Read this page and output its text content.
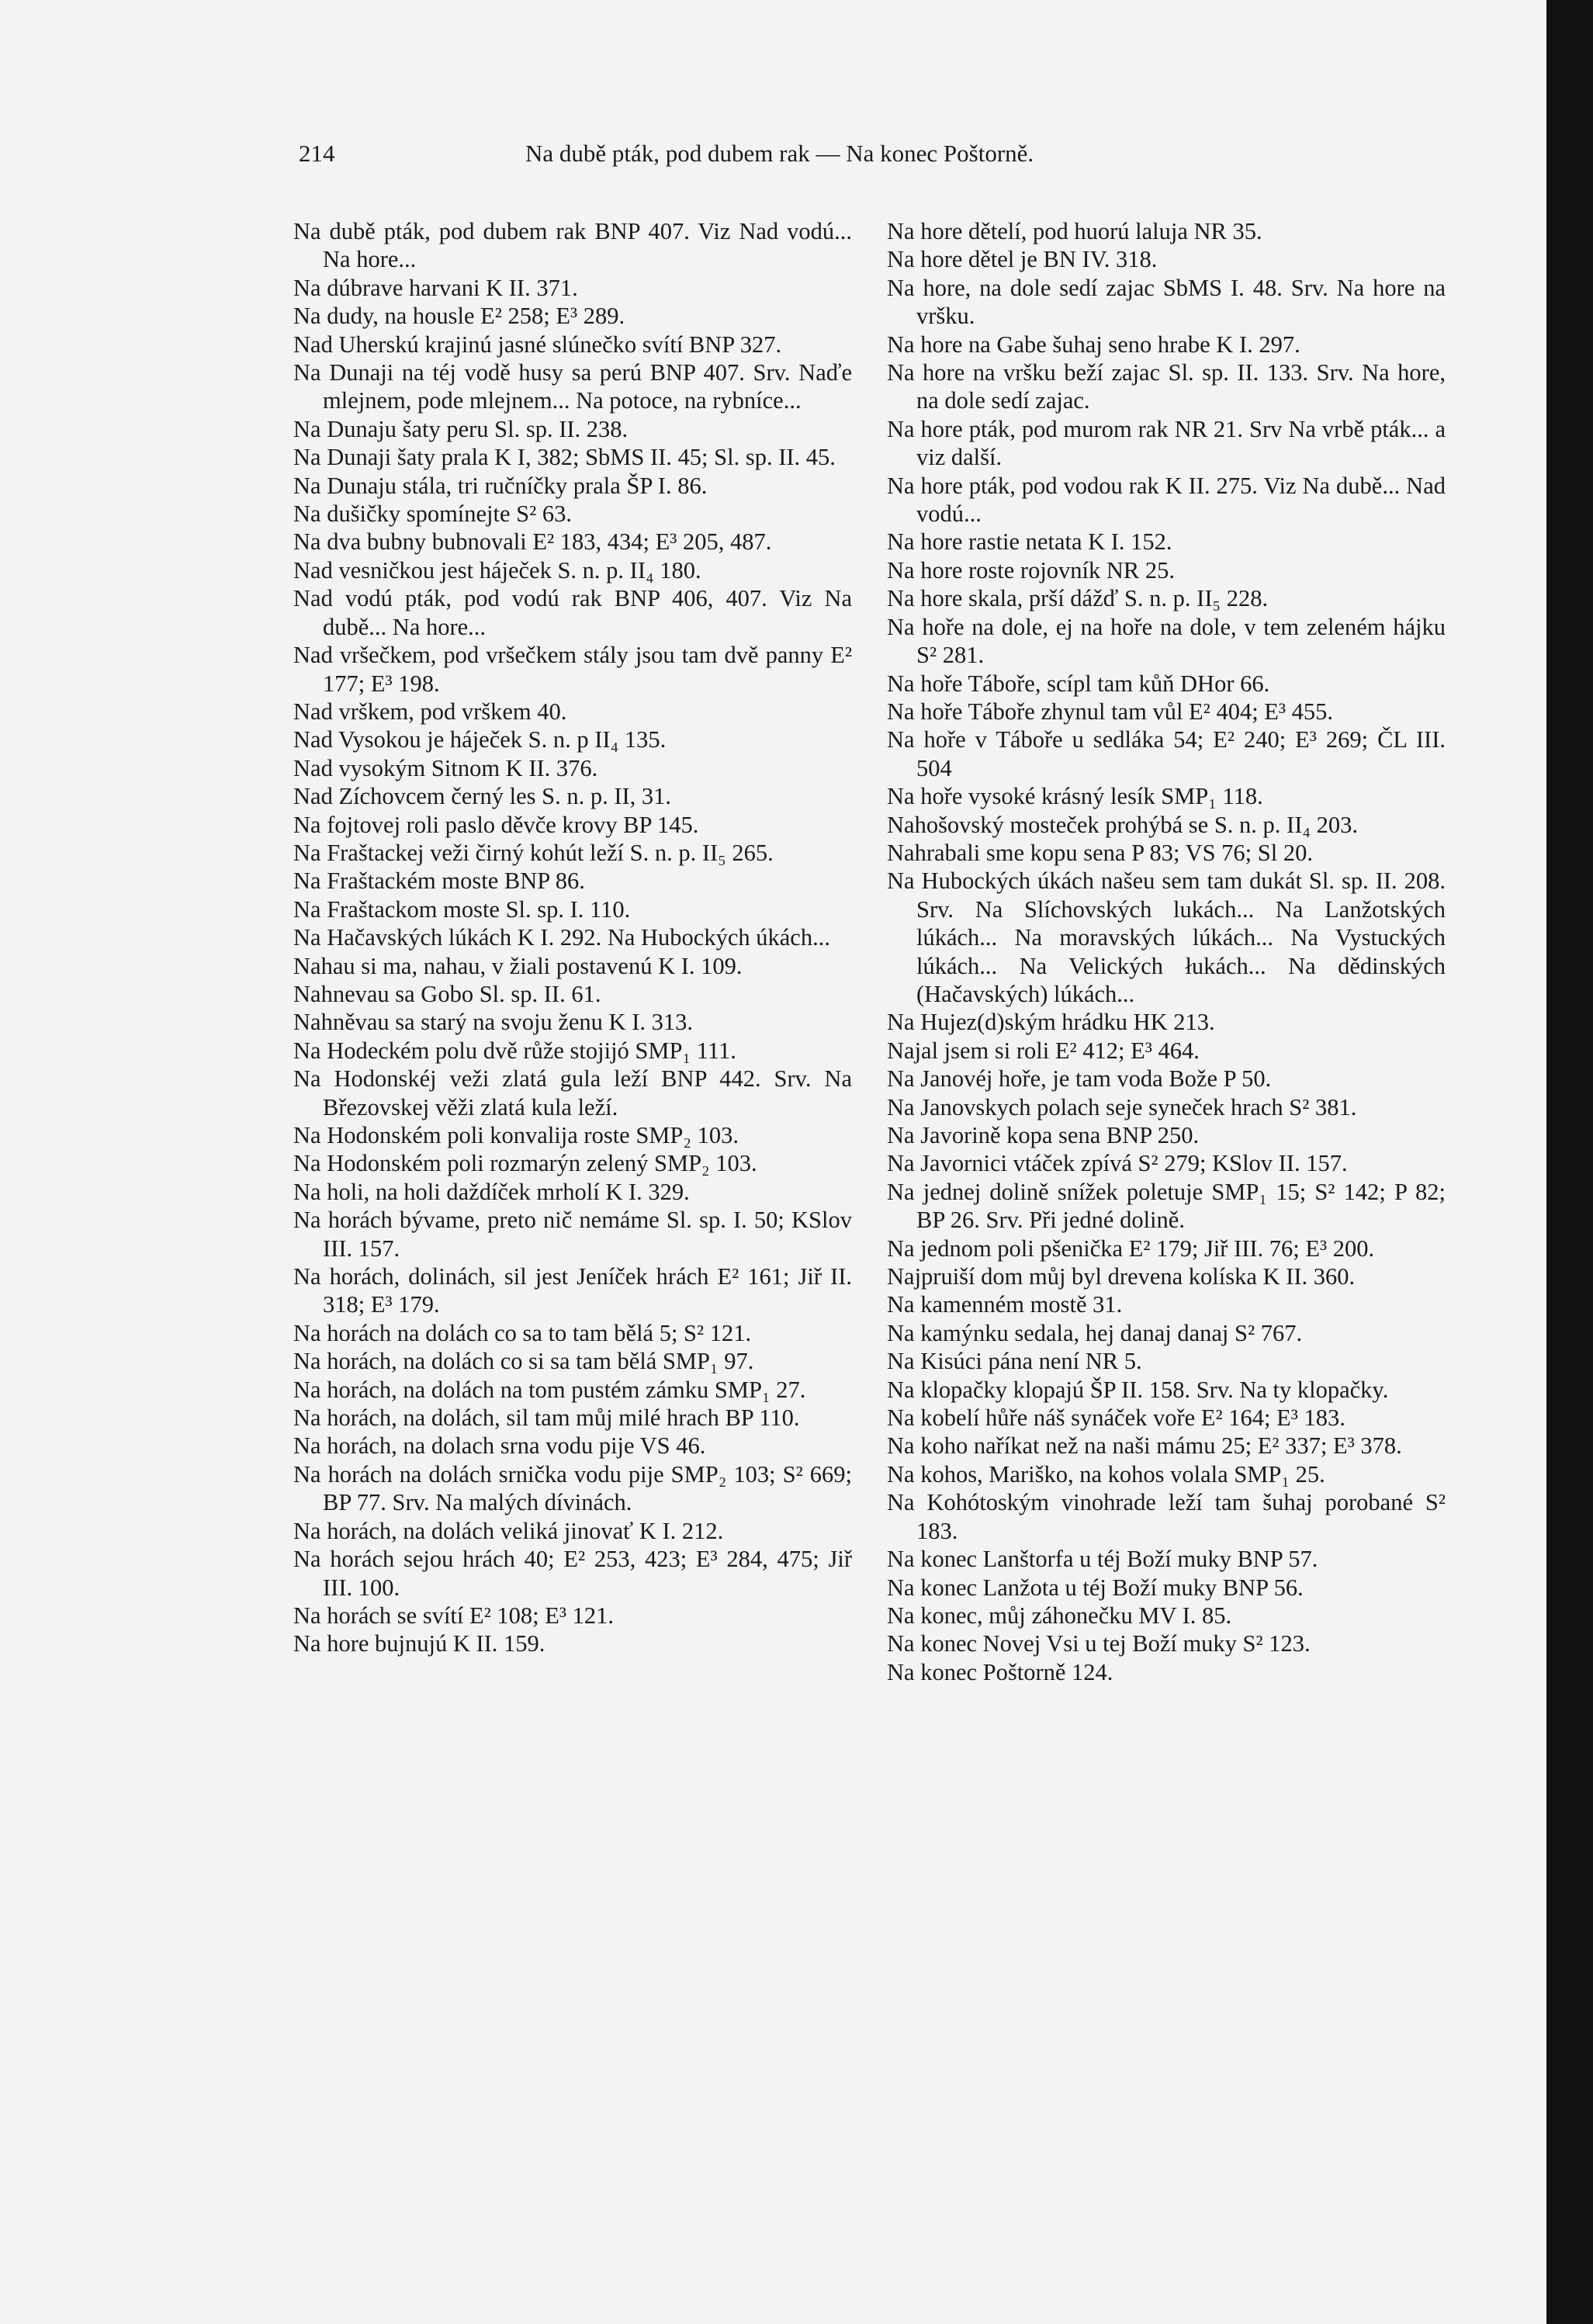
214	Na dubě pták, pod dubem rak — Na konec Poštorně.

Na dubě pták, pod dubem rak BNP 407. Viz Nad vodú... Na hore...

Na dúbrave harvani K II. 371.

Na dudy, na housle E² 258; E³ 289.

Nad Uherskú krajinú jasné slúnečko svítí BNP 327.

Na Dunaji na téj vodě husy sa perú BNP 407. Srv. Naďe mlejnem, pode mlejnem... Na potoce, na rybníce...

Na Dunaju šaty peru Sl. sp. II. 238.

Na Dunaji šaty prala K I, 382; SbMS II. 45; Sl. sp. II. 45.

Na Dunaju stála, tri ručníčky prala ŠP I. 86.

Na dušičky spomínejte S² 63.

Na dva bubny bubnovali E² 183, 434; E³ 205, 487.

Nad vesničkou jest háječek S. n. p. II₄ 180.

Nad vodú pták, pod vodú rak BNP 406, 407. Viz Na dubě... Na hore...

Nad vršečkem, pod vršečkem stály jsou tam dvě panny E² 177; E³ 198.

Nad vrškem, pod vrškem 40.

Nad Vysokou je háječek S. n. p II₄ 135.

Nad vysokým Sitnom K II. 376.

Nad Zíchovcem černý les S. n. p. II, 31.

Na fojtovej roli paslo děvče krovy BP 145.

Na Fraštackej veži čirný kohút leží S. n. p. II₅ 265.

Na Fraštackém moste BNP 86.

Na Fraštackom moste Sl. sp. I. 110.

Na Hačavských lúkách K I. 292. Na Hubockých úkách...

Nahau si ma, nahau, v žiali postavenú K I. 109.

Nahnevau sa Gobo Sl. sp. II. 61.

Nahněvau sa starý na svoju ženu K I. 313.

Na Hodeckém polu dvě růže stojijó SMP₁ 111.

Na Hodonskéj veži zlatá gula leží BNP 442. Srv. Na Březovskej věži zlatá kula leží.

Na Hodonském poli konvalija roste SMP₂ 103.

Na Hodonském poli rozmarýn zelený SMP₂ 103.

Na holi, na holi daždíček mrholí K I. 329.

Na horách bývame, preto nič nemáme Sl. sp. I. 50; KSlov III. 157.

Na horách, dolinách, sil jest Jeníček hrách E² 161; Jiř II. 318; E³ 179.

Na horách na dolách co sa to tam bělá 5; S² 121.

Na horách, na dolách co si sa tam bělá SMP₁ 97.

Na horách, na dolách na tom pustém zámku SMP₁ 27.

Na horách, na dolách, sil tam můj milé hrach BP 110.

Na horách, na dolach srna vodu pije VS 46.

Na horách na dolách srnička vodu pije SMP₂ 103; S² 669; BP 77. Srv. Na malých dívinách.

Na horách, na dolách veliká jinovať K I. 212.

Na horách sejou hrách 40; E² 253, 423; E³ 284, 475; Jiř III. 100.

Na horách se svítí E² 108; E³ 121.

Na hore bujnujú K II. 159.

Na hore dětelí, pod huorú laluja NR 35.

Na hore dětel je BN IV. 318.

Na hore, na dole sedí zajac SbMS I. 48. Srv. Na hore na vršku.

Na hore na Gabe šuhaj seno hrabe K I. 297.

Na hore na vršku beží zajac Sl. sp. II. 133. Srv. Na hore, na dole sedí zajac.

Na hore pták, pod murom rak NR 21. Srv Na vrbě pták... a viz další.

Na hore pták, pod vodou rak K II. 275. Viz Na dubě... Nad vodú...

Na hore rastie netata K I. 152.

Na hore roste rojovník NR 25.

Na hore skala, prší dážď S. n. p. II₅ 228.

Na hoře na dole, ej na hoře na dole, v tem zeleném hájku S² 281.

Na hoře Táboře, scípl tam kůň DHor 66.

Na hoře Táboře zhynul tam vůl E² 404; E³ 455.

Na hoře v Táboře u sedláka 54; E² 240; E³ 269; ČL III. 504

Na hoře vysoké krásný lesík SMP₁ 118.

Nahošovský mosteček prohýbá se S. n. p. II₄ 203.

Nahrabali sme kopu sena P 83; VS 76; Sl 20.

Na Hubockých úkách našeu sem tam dukát Sl. sp. II. 208. Srv. Na Slíchovských lukách... Na Lanžotských lúkách... Na moravských lúkách... Na Vystuckých lúkách... Na Velických łukách... Na dědinských (Hačavských) lúkách...

Na Hujez(d)ským hrádku HK 213.

Najal jsem si roli E² 412; E³ 464.

Na Janovéj hoře, je tam voda Bože P 50.

Na Janovskych polach seje syneček hrach S² 381.

Na Javorině kopa sena BNP 250.

Na Javornici vtáček zpívá S² 279; KSlov II. 157.

Na jednej dolině snížek poletuje SMP₁ 15; S² 142; P 82; BP 26. Srv. Při jedné dolině.

Na jednom poli pšenička E² 179; Jiř III. 76; E³ 200.

Najpruiší dom můj byl drevena kolíska K II. 360.

Na kamenném mostě 31.

Na kamýnku sedala, hej danaj danaj S² 767.

Na Kisúci pána není NR 5.

Na klopačky klopajú ŠP II. 158. Srv. Na ty klopačky.

Na kobelí hůře náš synáček voře E² 164; E³ 183.

Na koho naříkat než na naši mámu 25; E² 337; E³ 378.

Na kohos, Mariško, na kohos volala SMP₁ 25.

Na Kohótoským vinohrade leží tam šuhaj porobané S² 183.

Na konec Lanštorfa u téj Boží muky BNP 57.

Na konec Lanžota u téj Boží muky BNP 56.

Na konec, můj záhonečku MV I. 85.

Na konec Novej Vsi u tej Boží muky S² 123.

Na konec Poštorně 124.
